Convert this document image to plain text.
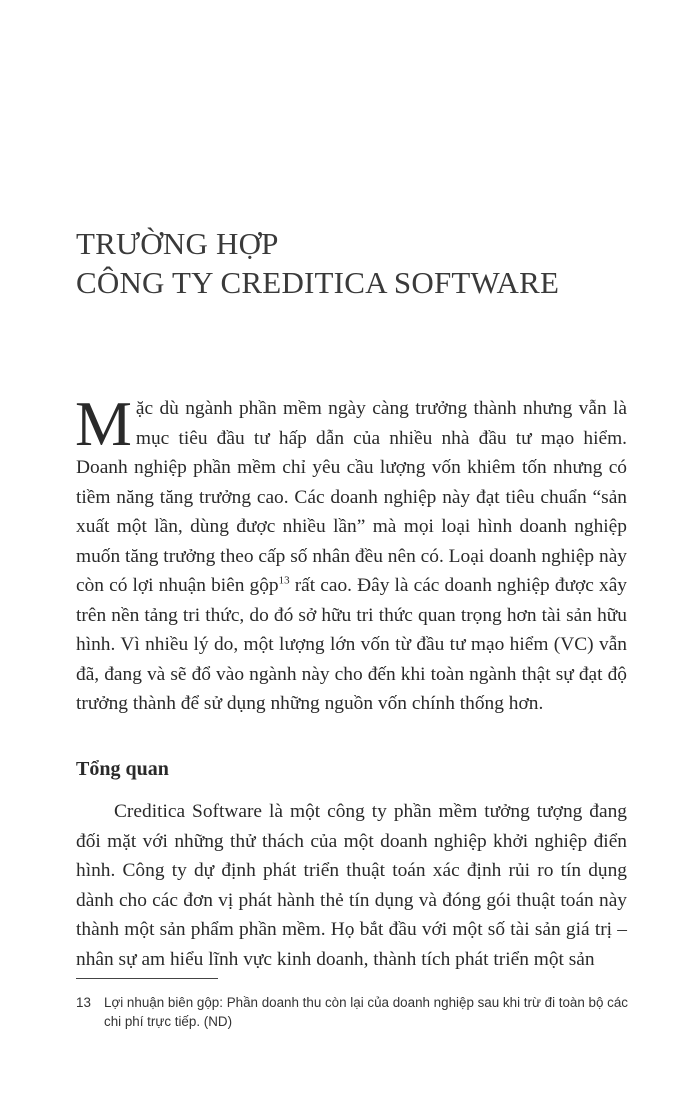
TRƯỜNG HỢP
CÔNG TY CREDITICA SOFTWARE

Mặc dù ngành phần mềm ngày càng trưởng thành nhưng vẫn là mục tiêu đầu tư hấp dẫn của nhiều nhà đầu tư mạo hiểm. Doanh nghiệp phần mềm chỉ yêu cầu lượng vốn khiêm tốn nhưng có tiềm năng tăng trưởng cao. Các doanh nghiệp này đạt tiêu chuẩn “sản xuất một lần, dùng được nhiều lần” mà mọi loại hình doanh nghiệp muốn tăng trưởng theo cấp số nhân đều nên có. Loại doanh nghiệp này còn có lợi nhuận biên gộp$^{13}$ rất cao. Đây là các doanh nghiệp được xây trên nền tảng tri thức, do đó sở hữu tri thức quan trọng hơn tài sản hữu hình. Vì nhiều lý do, một lượng lớn vốn từ đầu tư mạo hiểm (VC) vẫn đã, đang và sẽ đổ vào ngành này cho đến khi toàn ngành thật sự đạt độ trưởng thành để sử dụng những nguồn vốn chính thống hơn.

Tổng quan

Creditica Software là một công ty phần mềm tưởng tượng đang đối mặt với những thử thách của một doanh nghiệp khởi nghiệp điển hình. Công ty dự định phát triển thuật toán xác định rủi ro tín dụng dành cho các đơn vị phát hành thẻ tín dụng và đóng gói thuật toán này thành một sản phẩm phần mềm. Họ bắt đầu với một số tài sản giá trị – nhân sự am hiểu lĩnh vực kinh doanh, thành tích phát triển một sản

13 Lợi nhuận biên gộp: Phần doanh thu còn lại của doanh nghiệp sau khi trừ đi toàn bộ các chi phí trực tiếp. (ND)
